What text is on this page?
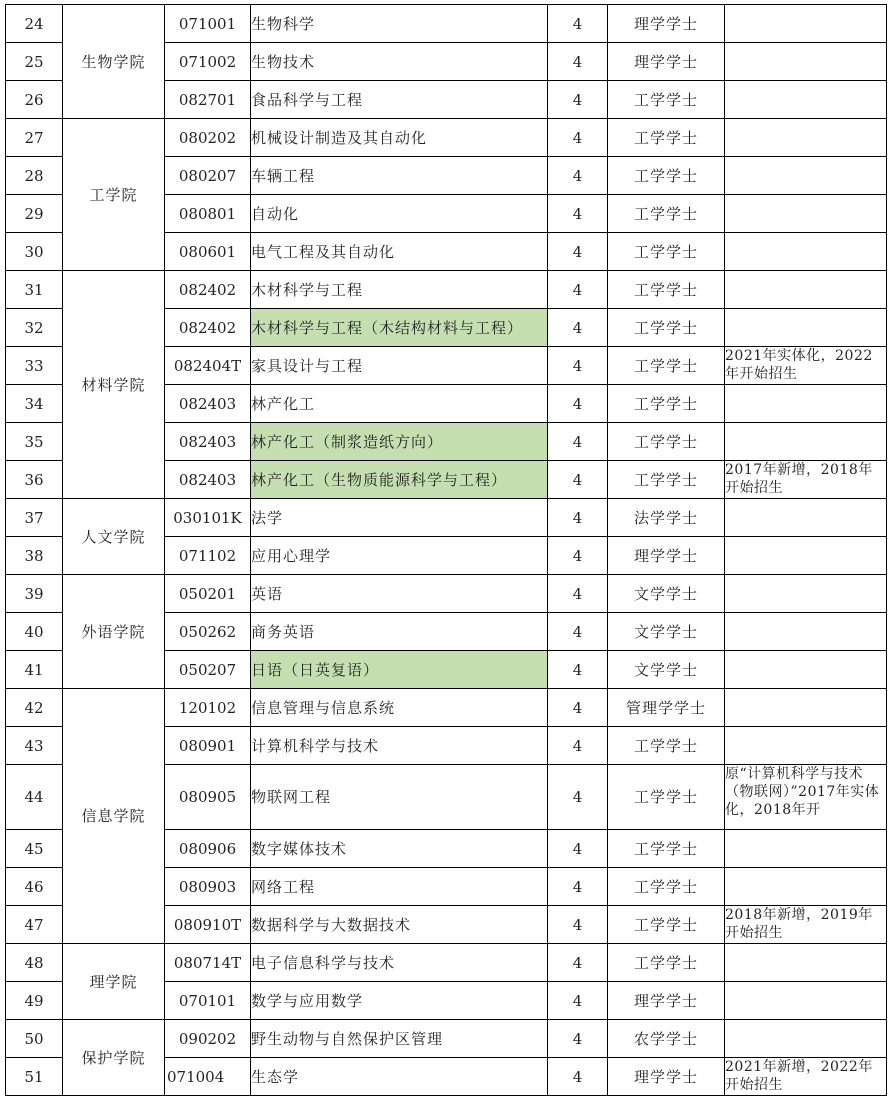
24	生物学院	071001	生物科学	4	理学学士	

25		071002	生物技术	4	理学学士	

26		082701	食品科学与工程	4	工学学士	

27	工学院	080202	机械设计制造及其自动化	4	工学学士	

28		080207	车辆工程	4	工学学士	

29		080801	自动化	4	工学学士	

30		080601	电气工程及其自动化	4	工学学士	

31	材料学院	082402	木材科学与工程	4	工学学士	

32		082402	木材科学与工程（木结构材料与工程）	4	工学学士	

33		082404T	家具设计与工程	4	工学学士	2021年实体化，2022年开始招生

34		082403	林产化工	4	工学学士	

35		082403	林产化工（制浆造纸方向）	4	工学学士	

36		082403	林产化工（生物质能源科学与工程）	4	工学学士	2017年新增，2018年开始招生

37	人文学院	030101K	法学	4	法学学士	

38		071102	应用心理学	4	理学学士	

39	外语学院	050201	英语	4	文学学士	

40		050262	商务英语	4	文学学士	

41		050207	日语（日英复语）	4	文学学士	

42	信息学院	120102	信息管理与信息系统	4	管理学学士	

43		080901	计算机科学与技术	4	工学学士	

44		080905	物联网工程	4	工学学士	原“计算机科学与技术（物联网）”2017年实体化，2018年开

45		080906	数字媒体技术	4	工学学士	

46		080903	网络工程	4	工学学士	

47		080910T	数据科学与大数据技术	4	工学学士	2018年新增，2019年开始招生

48	理学院	080714T	电子信息科学与技术	4	工学学士	

49		070101	数学与应用数学	4	理学学士	

50	保护学院	090202	野生动物与自然保护区管理	4	农学学士	

51		071004	生态学	4	理学学士	2021年新增，2022年开始招生
